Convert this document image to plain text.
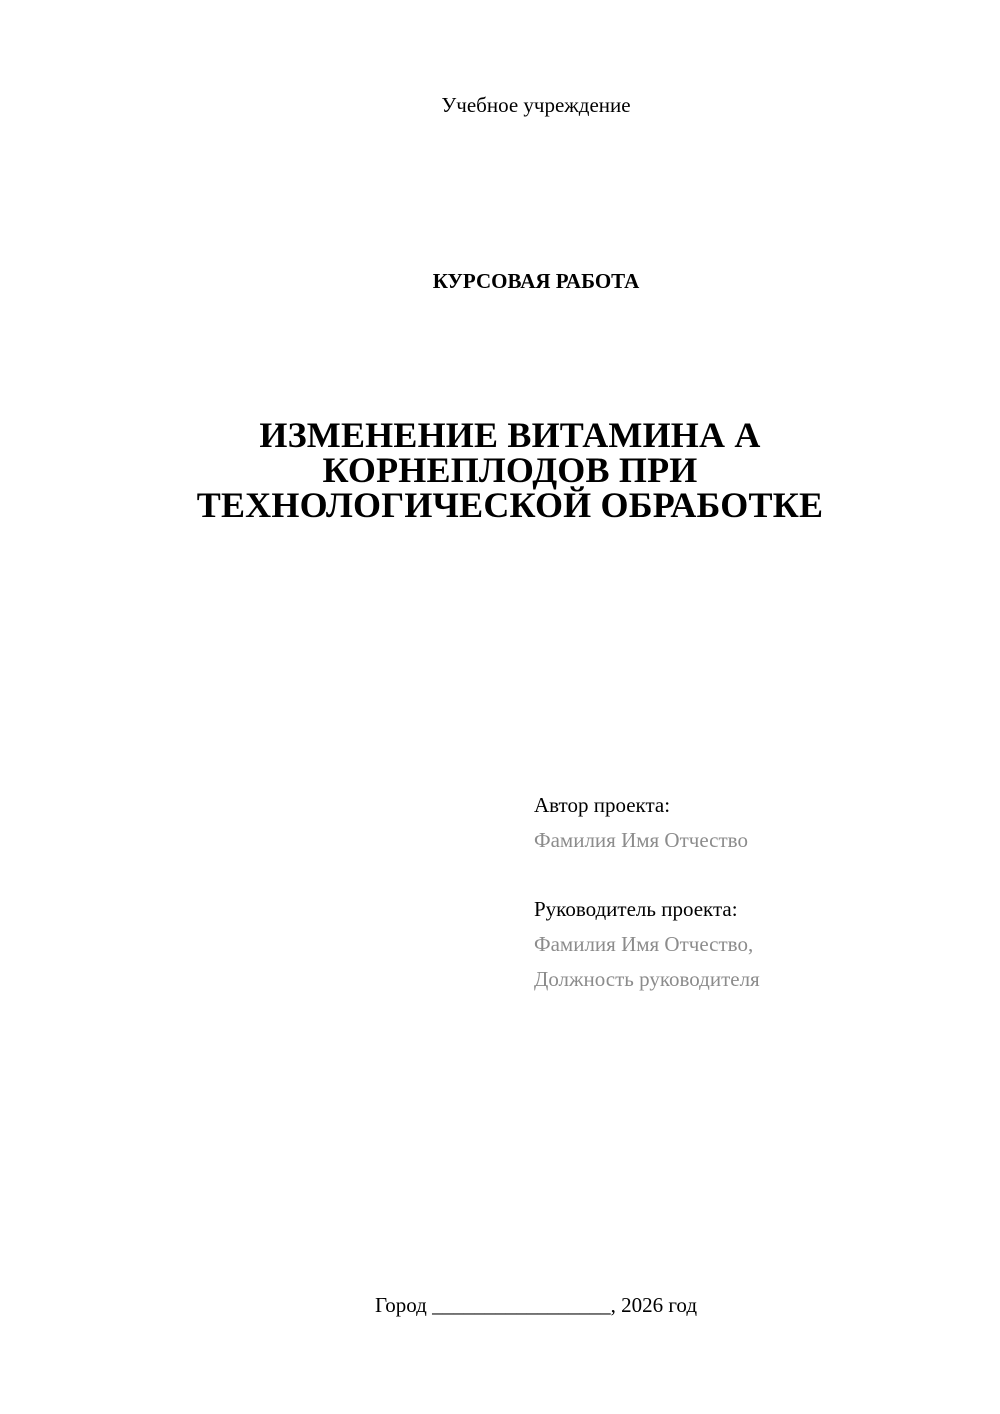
Учебное учреждение
КУРСОВАЯ РАБОТА
ИЗМЕНЕНИЕ ВИТАМИНА А
КОРНЕПЛОДОВ ПРИ
ТЕХНОЛОГИЧЕСКОЙ ОБРАБОТКЕ
Автор проекта:
Фамилия Имя Отчество
Руководитель проекта:
Фамилия Имя Отчество,
Должность руководителя
Город _________________, 2026 год
